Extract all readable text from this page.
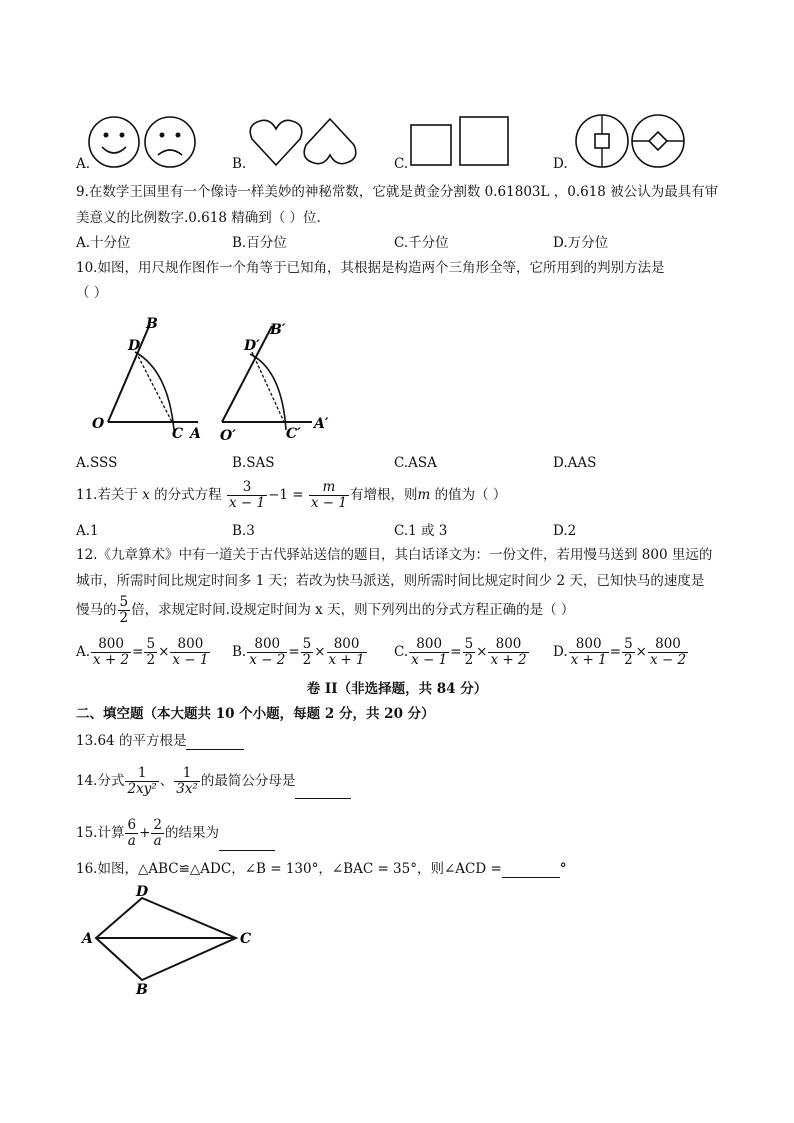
A.	B.	C.	D.
9.在数学王国里有一个像诗一样美妙的神秘常数，它就是黄金分割数 0.61803L ，0.618 被公认为最具有审
美意义的比例数字.0.618 精确到（ ）位.
A.十分位	B.百分位	C.千分位	D.万分位
10.如图，用尺规作图作一个角等于已知角，其根据是构造两个三角形全等，它所用到的判别方法是
（ ）
B
D
O
C A
B′
D′
O′	C′
A′
A.SSS	B.SAS	C.ASA	D.AAS
11.若关于 x 的分式方程 $\frac{3}{x - 1} -1 = \frac{m}{x - 1}$ 有增根，则m 的值为（ ）
A.1	B.3	C.1 或 3	D.2
12.《九章算术》中有一道关于古代驿站送信的题目，其白话译文为：一份文件，若用慢马送到 800 里远的
城市，所需时间比规定时间多 1 天；若改为快马派送，则所需时间比规定时间少 2 天，已知快马的速度是
慢马的 $\frac{5}{2}$ 倍，求规定时间.设规定时间为 x 天，则下列列出的分式方程正确的是（ ）
A. $\frac{800}{x + 2} = \frac{5}{2} \times \frac{800}{x - 1} B$. $\frac{800}{x - 2} = \frac{5}{2} \times \frac{800}{x + 1} C$. $\frac{800}{x - 1} = \frac{5}{2} \times \frac{800}{x + 2} D$. $\frac{800}{x + 1} = \frac{5}{2} \times \frac{800}{x - 2}$
卷 II（非选择题，共 84 分）
二、填空题（本大题共 10 个小题，每题 2 分，共 20 分）
13.64 的平方根是
14.分式 $\frac{1}{\text{2xy²}}$ 、 $\frac{1}{\text{3x²}}$ 的最简公分母是
15.计算 $\frac{6}{a} + \frac{2}{a}$ 的结果为
16.如图，△ABC≌△ADC，∠B = 130°，∠BAC = 35°，则∠ACD =	°
D
A	C
B
